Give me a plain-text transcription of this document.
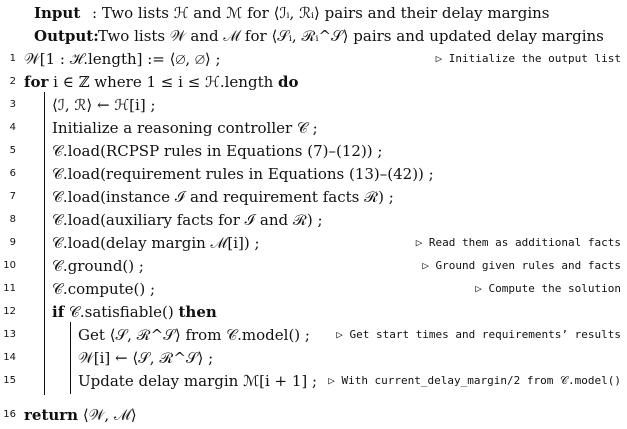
Input : Two lists ℋ and ℳ for ⟨ℐᵢ, ℛᵢ⟩ pairs and their delay margins
Output:Two lists 𝒲 and ℳ for ⟨𝒮ᵢ, ℛᵢ^𝒮⟩ pairs and updated delay margins
1 𝒲[1 : ℋ.length] := ⟨∅, ∅⟩ ;	▷ Initialize the output list
2 for i ∈ ℤ where 1 ≤ i ≤ ℋ.length do
3 ⟨ℐ, ℛ⟩ ← ℋ[i] ;
4 Initialize a reasoning controller 𝒞 ;
5 𝒞.load(RCPSP rules in Equations (7)–(12)) ;
6 𝒞.load(requirement rules in Equations (13)–(42)) ;
7 𝒞.load(instance ℐ and requirement facts ℛ) ;
8 𝒞.load(auxiliary facts for ℐ and ℛ) ;
9 𝒞.load(delay margin ℳ[i]) ;	▷ Read them as additional facts
10 𝒞.ground() ;	▷ Ground given rules and facts
11 𝒞.compute() ;	▷ Compute the solution
12 if 𝒞.satisfiable() then
13	Get ⟨𝒮, ℛ^𝒮⟩ from 𝒞.model() ; ▷ Get start times and requirements’ results
14	𝒲[i] ← ⟨𝒮, ℛ^𝒮⟩ ;
15	Update delay margin ℳ[i + 1] ; ▷ With current_delay_margin/2 from 𝒞.model()
16 return ⟨𝒲, ℳ⟩
